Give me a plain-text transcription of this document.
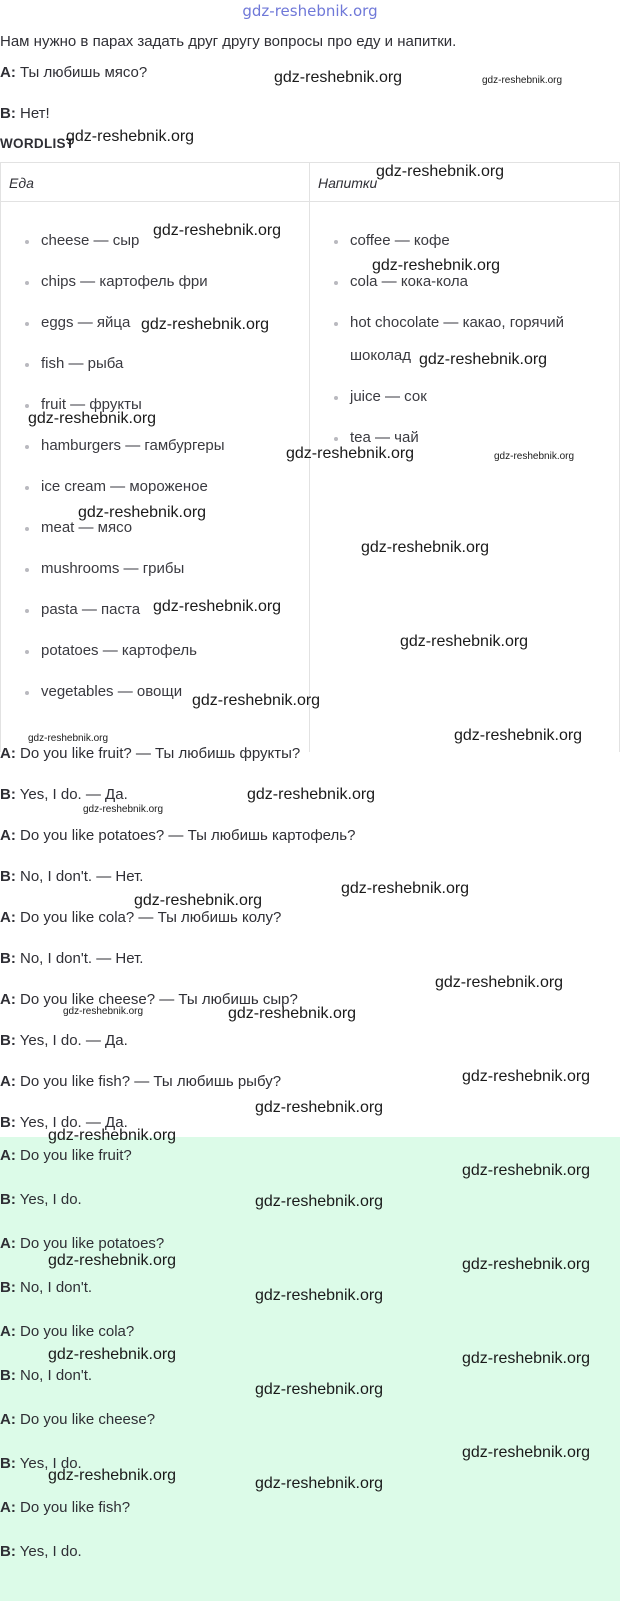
gdz-reshebnik.org
Нам нужно в парах задать друг другу вопросы про еду и напитки.
A: Ты любишь мясо?
B: Нет!
WORDLIST
Еда	Напитки
cheese — сыр
chips — картофель фри
eggs — яйца
fish — рыба
fruit — фрукты
hamburgers — гамбургеры
ice cream — мороженое
meat — мясо
mushrooms — грибы
pasta — паста
potatoes — картофель
vegetables — овощи
coffee — кофе
cola — кока-кола
hot chocolate — какао, горячий
шоколад
juice — сок
tea — чай
A: Do you like fruit? — Ты любишь фрукты?
B: Yes, I do. — Да.
A: Do you like potatoes? — Ты любишь картофель?
B: No, I don't. — Нет.
A: Do you like cola? — Ты любишь колу?
B: No, I don't. — Нет.
A: Do you like cheese? — Ты любишь сыр?
B: Yes, I do. — Да.
A: Do you like fish? — Ты любишь рыбу?
B: Yes, I do. — Да.
A: Do you like fruit?
B: Yes, I do.
A: Do you like potatoes?
B: No, I don't.
A: Do you like cola?
B: No, I don't.
A: Do you like cheese?
B: Yes, I do.
A: Do you like fish?
B: Yes, I do.
gdz-reshebnik.org	gdz-reshebnik.org
gdz-reshebnik.org
gdz-reshebnik.org
gdz-reshebnik.org
gdz-reshebnik.org
gdz-reshebnik.org
gdz-reshebnik.org
gdz-reshebnik.org
gdz-reshebnik.org	gdz-reshebnik.org
gdz-reshebnik.org
gdz-reshebnik.org
gdz-reshebnik.org
gdz-reshebnik.org
gdz-reshebnik.org
gdz-reshebnik.org	gdz-reshebnik.org
gdz-reshebnik.org
gdz-reshebnik.org
gdz-reshebnik.org
gdz-reshebnik.org
gdz-reshebnik.org
gdz-reshebnik.org	gdz-reshebnik.org
gdz-reshebnik.org
gdz-reshebnik.org
gdz-reshebnik.org
gdz-reshebnik.org
gdz-reshebnik.org
gdz-reshebnik.org	gdz-reshebnik.org
gdz-reshebnik.org
gdz-reshebnik.org	gdz-reshebnik.org
gdz-reshebnik.org
gdz-reshebnik.org
gdz-reshebnik.org	gdz-reshebnik.org
